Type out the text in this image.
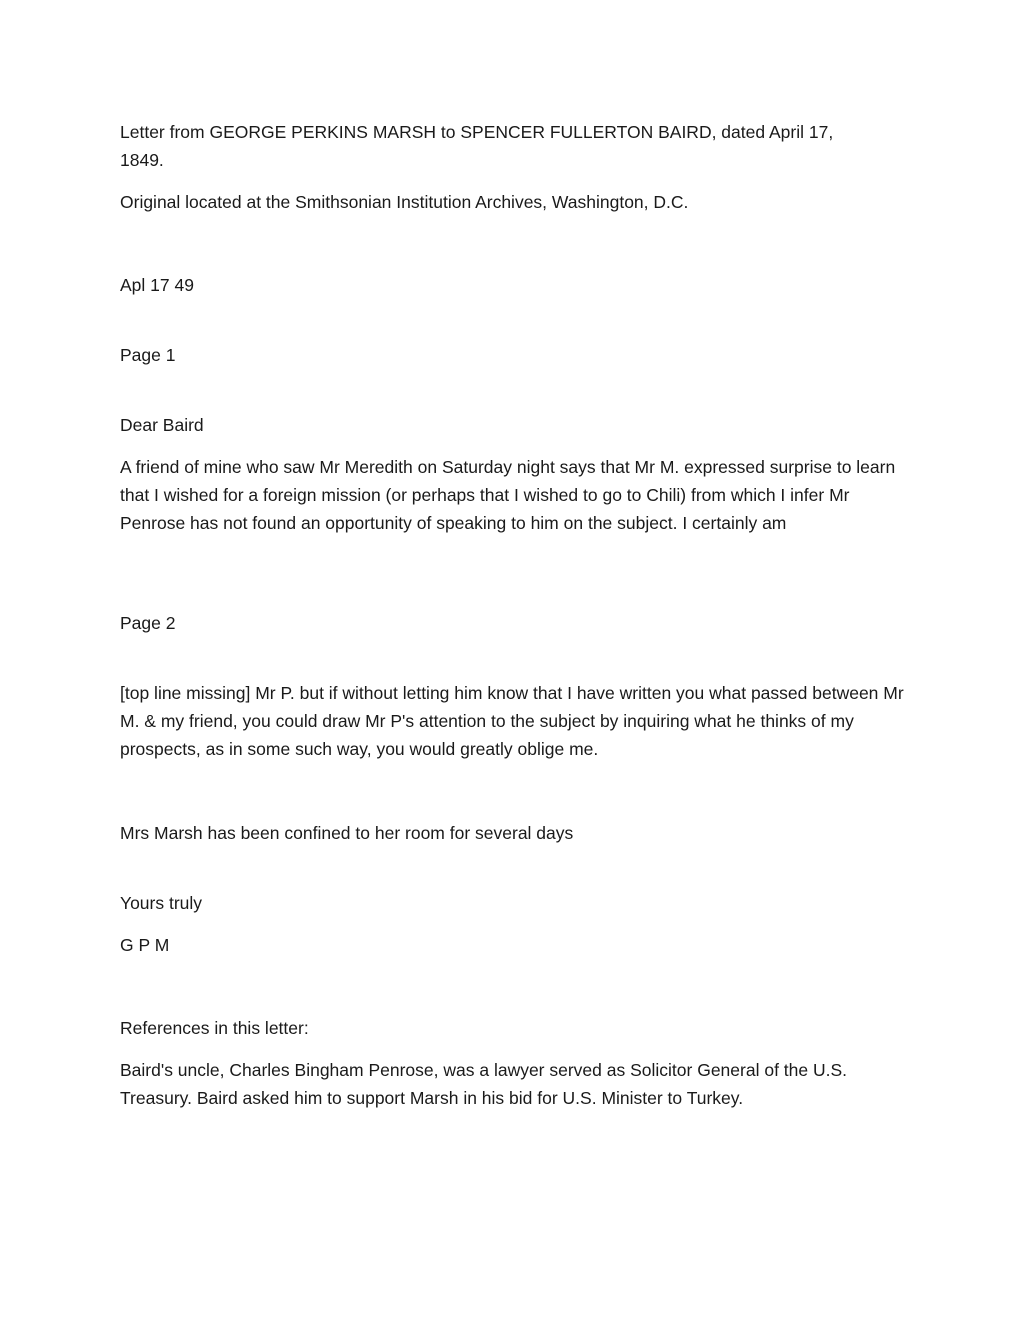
Letter from GEORGE PERKINS MARSH to SPENCER FULLERTON BAIRD, dated April 17, 1849.

Original located at the Smithsonian Institution Archives, Washington, D.C.

Apl 17 49

Page 1

Dear Baird

A friend of mine who saw Mr Meredith on Saturday night says that Mr M. expressed surprise to learn that I wished for a foreign mission (or perhaps that I wished to go to Chili) from which I infer Mr Penrose has not found an opportunity of speaking to him on the subject. I certainly am

Page 2

[top line missing] Mr P. but if without letting him know that I have written you what passed between Mr M. & my friend, you could draw Mr P's attention to the subject by inquiring what he thinks of my prospects, as in some such way, you would greatly oblige me.

Mrs Marsh has been confined to her room for several days

Yours truly

G P M

References in this letter:

Baird's uncle, Charles Bingham Penrose, was a lawyer served as Solicitor General of the U.S. Treasury. Baird asked him to support Marsh in his bid for U.S. Minister to Turkey.
